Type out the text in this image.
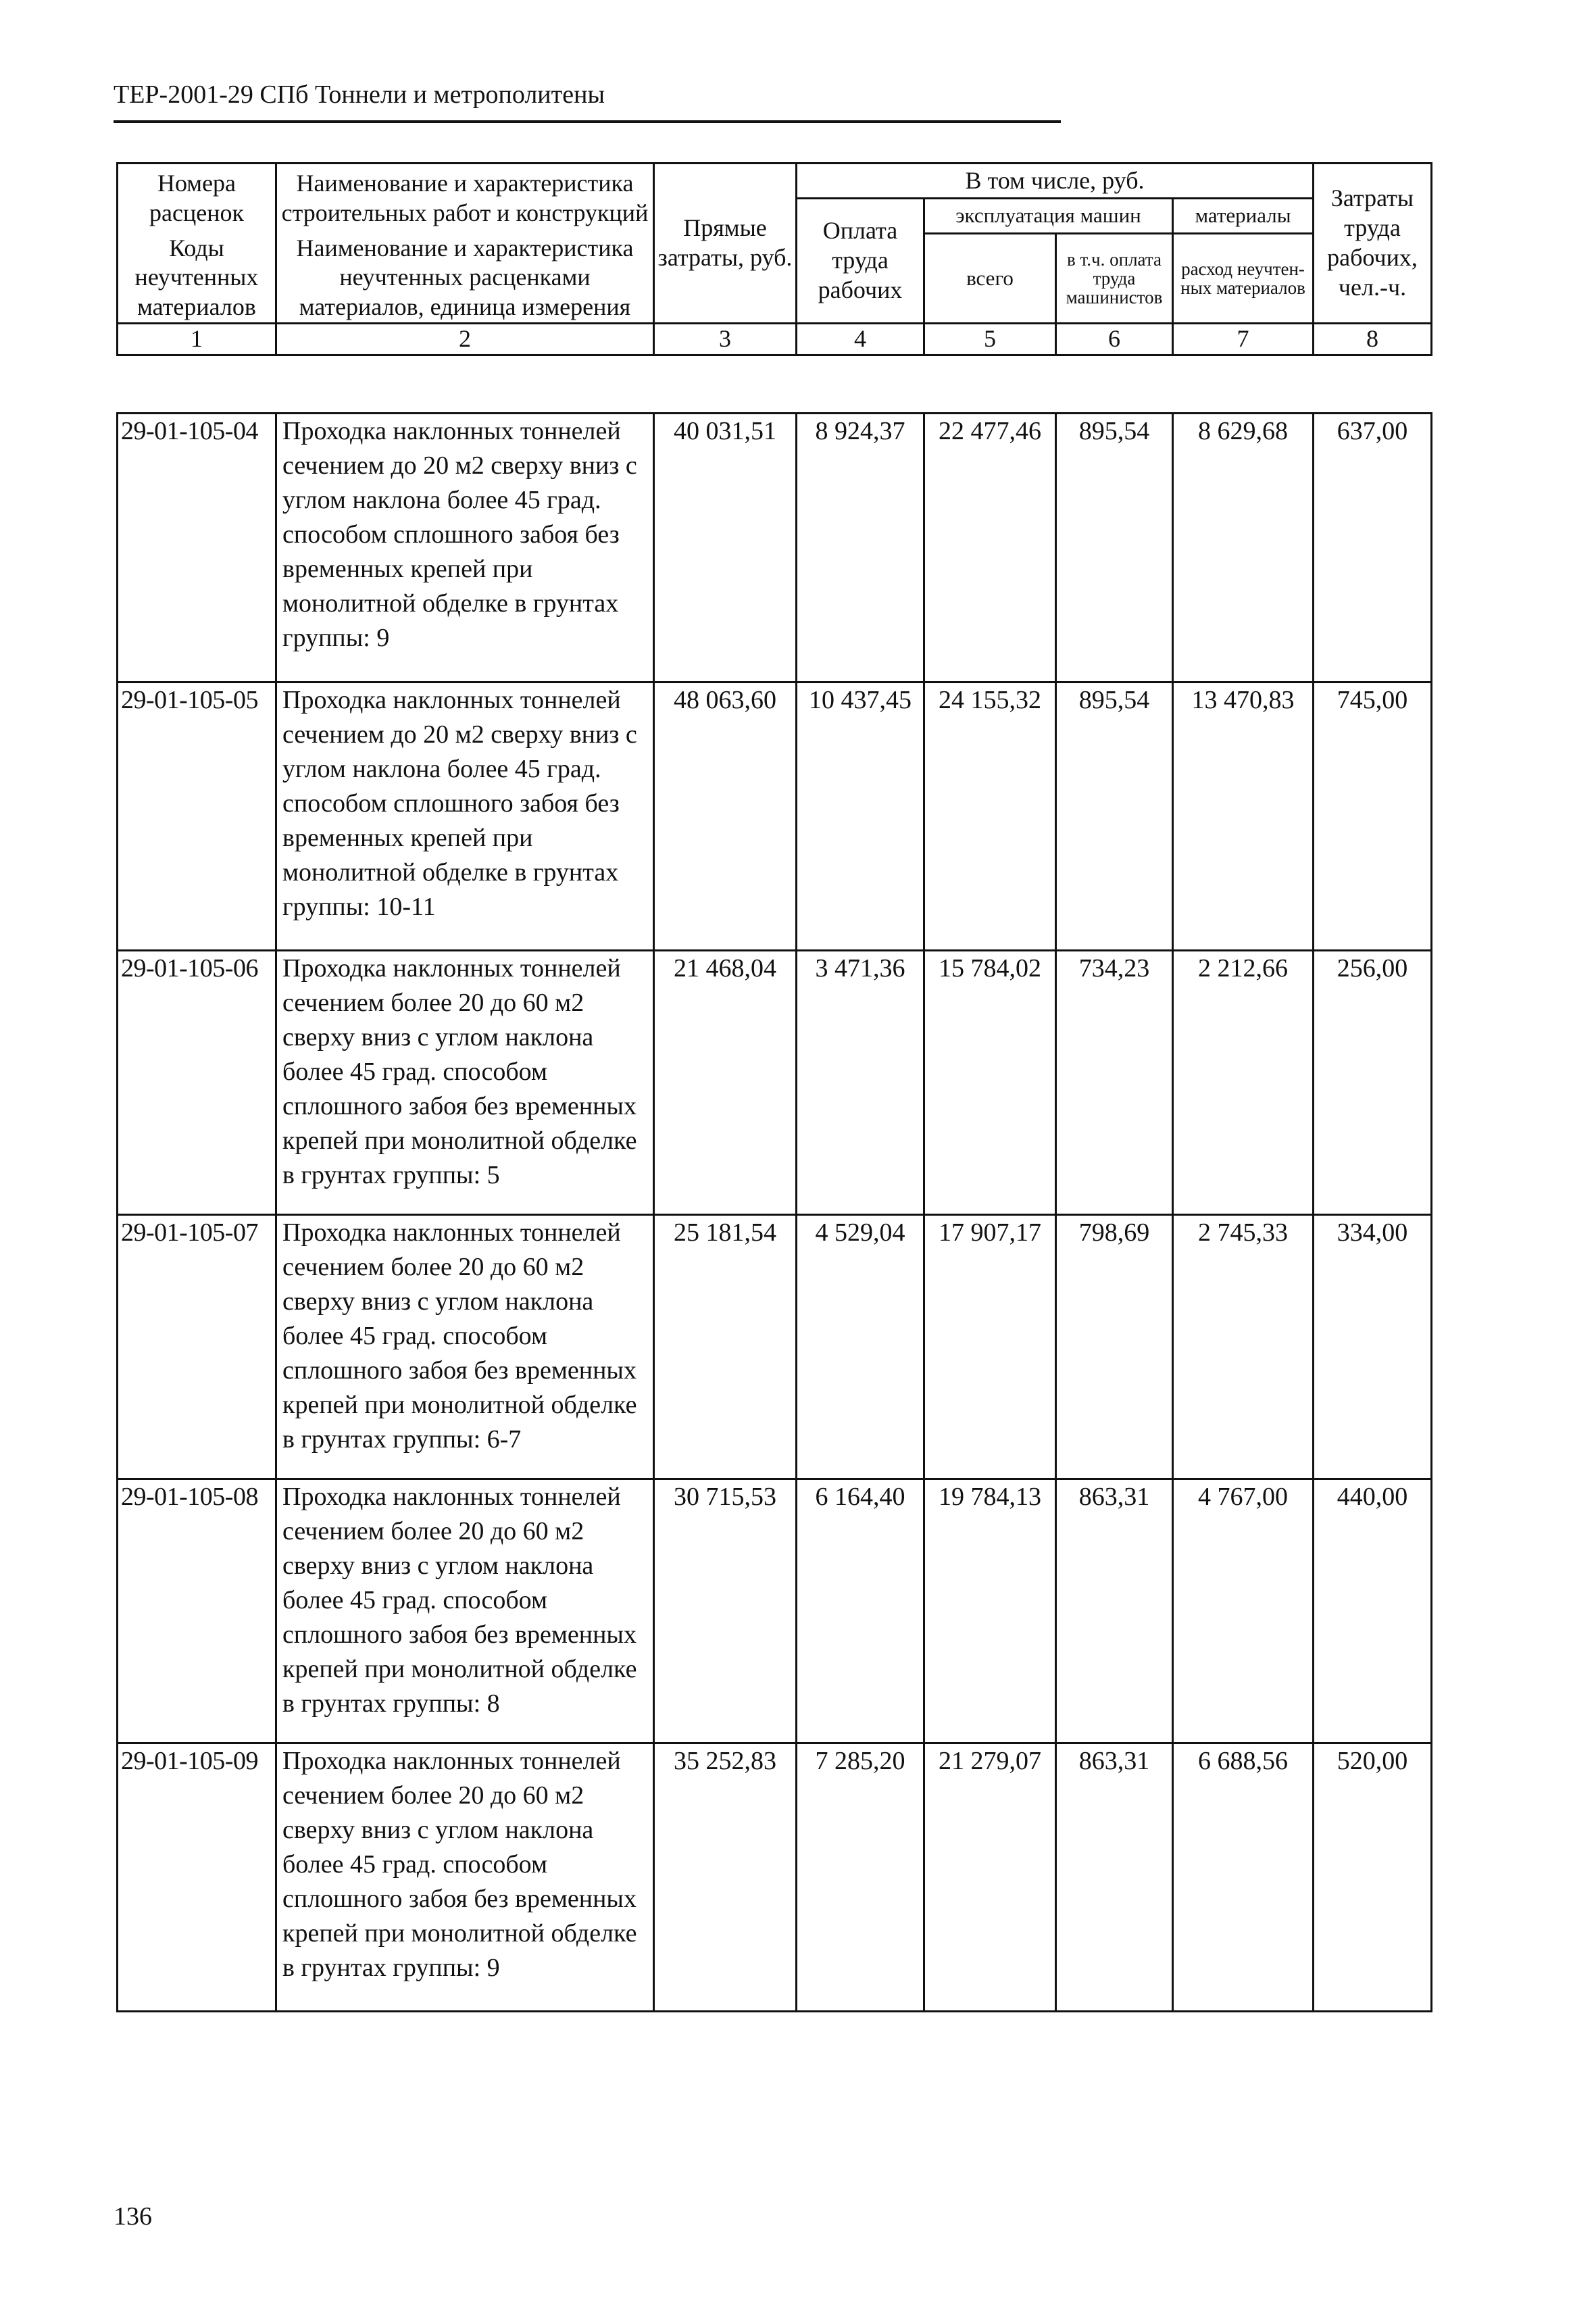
ТЕР-2001-29 СПб Тоннели и метрополитены
Номера расценок	Наименование и характеристика строительных работ и конструкций	Прямые затраты, руб.	В том числе, руб.				Затраты труда рабочих, чел.-ч.
			Оплата труда рабочих	эксплуатация машин		материалы	
Коды неучтенных материалов	Наименование и характеристика неучтенных расценками материалов, единица измерения			всего	в т.ч. оплата труда машинистов	расход неучтен-ных материалов	

1	2	3	4	5	6	7	8
29-01-105-04	Проходка наклонных тоннелей сечением до 20 м2 сверху вниз с углом наклона более 45 град. способом сплошного забоя без временных крепей при монолитной обделке в грунтах группы: 9	40 031,51	8 924,37	22 477,46	895,54	8 629,68	637,00
29-01-105-05	Проходка наклонных тоннелей сечением до 20 м2 сверху вниз с углом наклона более 45 град. способом сплошного забоя без временных крепей при монолитной обделке в грунтах группы: 10-11	48 063,60	10 437,45	24 155,32	895,54	13 470,83	745,00
29-01-105-06	Проходка наклонных тоннелей сечением более 20 до 60 м2 сверху вниз с углом наклона более 45 град. способом сплошного забоя без временных крепей при монолитной обделке в грунтах группы: 5	21 468,04	3 471,36	15 784,02	734,23	2 212,66	256,00
29-01-105-07	Проходка наклонных тоннелей сечением более 20 до 60 м2 сверху вниз с углом наклона более 45 град. способом сплошного забоя без временных крепей при монолитной обделке в грунтах группы: 6-7	25 181,54	4 529,04	17 907,17	798,69	2 745,33	334,00
29-01-105-08	Проходка наклонных тоннелей сечением более 20 до 60 м2 сверху вниз с углом наклона более 45 град. способом сплошного забоя без временных крепей при монолитной обделке в грунтах группы: 8	30 715,53	6 164,40	19 784,13	863,31	4 767,00	440,00
29-01-105-09	Проходка наклонных тоннелей сечением более 20 до 60 м2 сверху вниз с углом наклона более 45 град. способом сплошного забоя без временных крепей при монолитной обделке в грунтах группы: 9	35 252,83	7 285,20	21 279,07	863,31	6 688,56	520,00
136
